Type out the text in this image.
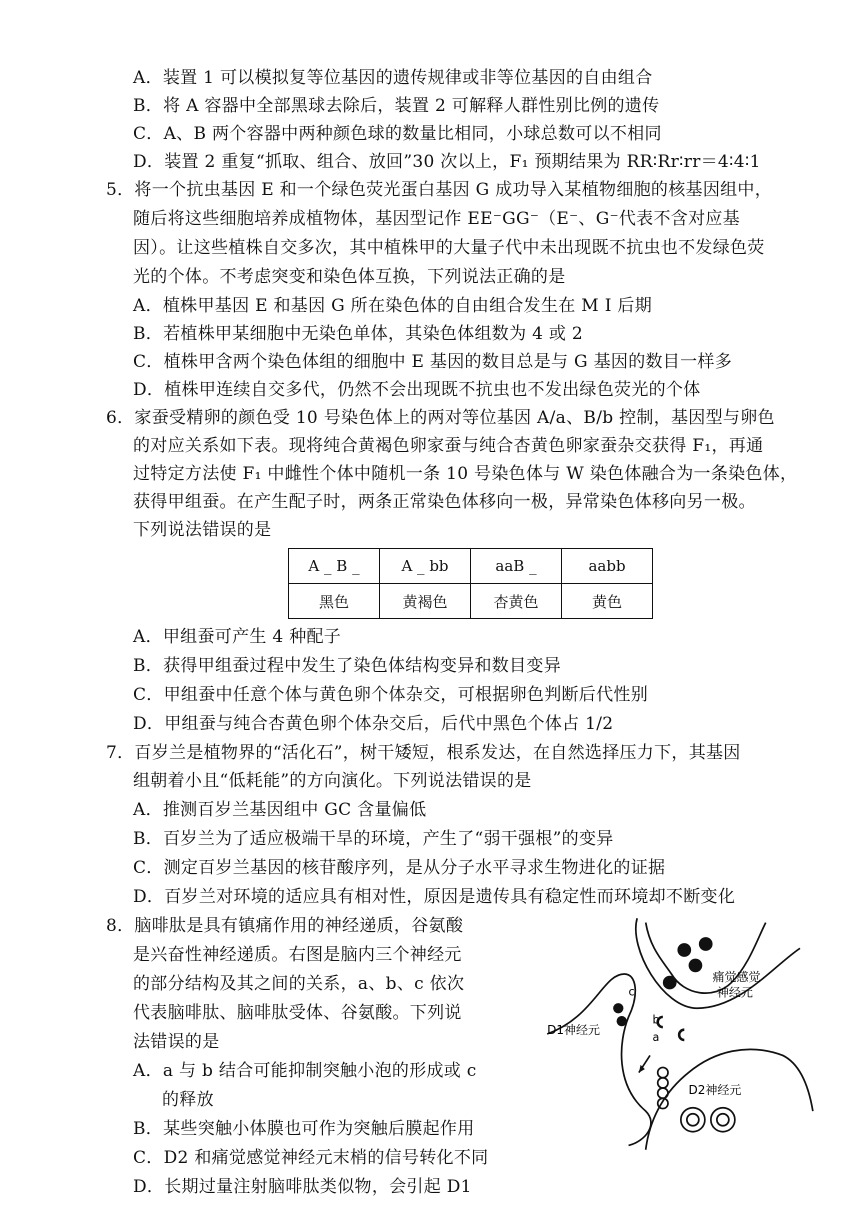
A．装置 1 可以模拟复等位基因的遗传规律或非等位基因的自由组合
B．将 A 容器中全部黑球去除后，装置 2 可解释人群性别比例的遗传
C．A、B 两个容器中两种颜色球的数量比相同，小球总数可以不相同
D．装置 2 重复“抓取、组合、放回”30 次以上，F₁ 预期结果为 RR∶Rr∶rr＝4∶4∶1
5．将一个抗虫基因 E 和一个绿色荧光蛋白基因 G 成功导入某植物细胞的核基因组中，
随后将这些细胞培养成植物体，基因型记作 EE⁻GG⁻（E⁻、G⁻代表不含对应基
因）。让这些植株自交多次，其中植株甲的大量子代中未出现既不抗虫也不发绿色荧
光的个体。不考虑突变和染色体互换，下列说法正确的是
A．植株甲基因 E 和基因 G 所在染色体的自由组合发生在 M Ⅰ 后期
B．若植株甲某细胞中无染色单体，其染色体组数为 4 或 2
C．植株甲含两个染色体组的细胞中 E 基因的数目总是与 G 基因的数目一样多
D．植株甲连续自交多代，仍然不会出现既不抗虫也不发出绿色荧光的个体
6．家蚕受精卵的颜色受 10 号染色体上的两对等位基因 A/a、B/b 控制，基因型与卵色
的对应关系如下表。现将纯合黄褐色卵家蚕与纯合杏黄色卵家蚕杂交获得 F₁，再通
过特定方法使 F₁ 中雌性个体中随机一条 10 号染色体与 W 染色体融合为一条染色体，
获得甲组蚕。在产生配子时，两条正常染色体移向一极，异常染色体移向另一极。
下列说法错误的是
A _ B _	A _ bb	aaB _	aabb
黑色	黄褐色	杏黄色	黄色
A．甲组蚕可产生 4 种配子
B．获得甲组蚕过程中发生了染色体结构变异和数目变异
C．甲组蚕中任意个体与黄色卵个体杂交，可根据卵色判断后代性别
D．甲组蚕与纯合杏黄色卵个体杂交后，后代中黑色个体占 1/2
7．百岁兰是植物界的“活化石”，树干矮短，根系发达，在自然选择压力下，其基因
组朝着小且“低耗能”的方向演化。下列说法错误的是
A．推测百岁兰基因组中 GC 含量偏低
B．百岁兰为了适应极端干旱的环境，产生了“弱干强根”的变异
C．测定百岁兰基因的核苷酸序列，是从分子水平寻求生物进化的证据
D．百岁兰对环境的适应具有相对性，原因是遗传具有稳定性而环境却不断变化
8．脑啡肽是具有镇痛作用的神经递质，谷氨酸
是兴奋性神经递质。右图是脑内三个神经元
的部分结构及其之间的关系，a、b、c 依次
代表脑啡肽、脑啡肽受体、谷氨酸。下列说
法错误的是
A．a 与 b 结合可能抑制突触小泡的形成或 c
的释放
B．某些突触小体膜也可作为突触后膜起作用
C．D2 和痛觉感觉神经元末梢的信号转化不同
D．长期过量注射脑啡肽类似物，会引起 D1
痛觉感觉
神经元
D1神经元
D2神经元
a
b
c
